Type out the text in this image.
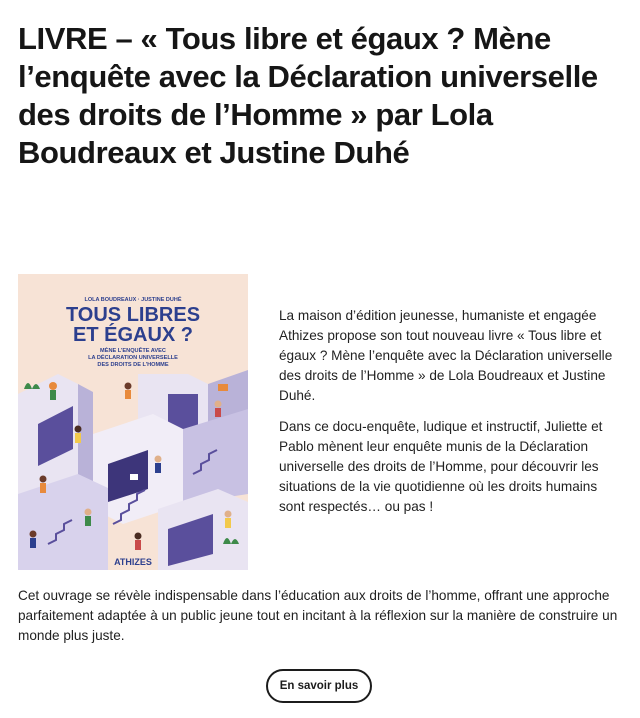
LIVRE – « Tous libre et égaux ? Mène l’enquête avec la Déclaration universelle des droits de l’Homme » par Lola Boudreaux et Justine Duhé
LOLA BOUDREAUX · JUSTINE DUHÉ
TOUS LIBRES
ET ÉGAUX ?
MÈNE L’ENQUÊTE AVEC
LA DÉCLARATION UNIVERSELLE
DES DROITS DE L’HOMME
ATHIZES

La maison d’édition jeunesse, humaniste et engagée Athizes propose son tout nouveau livre « Tous libre et égaux ? Mène l’enquête avec la Déclaration universelle des droits de l’Homme » de Lola Boudreaux et Justine Duhé.

Dans ce docu-enquête, ludique et instructif, Juliette et Pablo mènent leur enquête munis de la Déclaration universelle des droits de l’Homme, pour découvrir les situations de la vie quotidienne où les droits humains sont respectés… ou pas !

Cet ouvrage se révèle indispensable dans l’éducation aux droits de l’homme, offrant une approche parfaitement adaptée à un public jeune tout en incitant à la réflexion sur la manière de construire un monde plus juste.

En savoir plus
